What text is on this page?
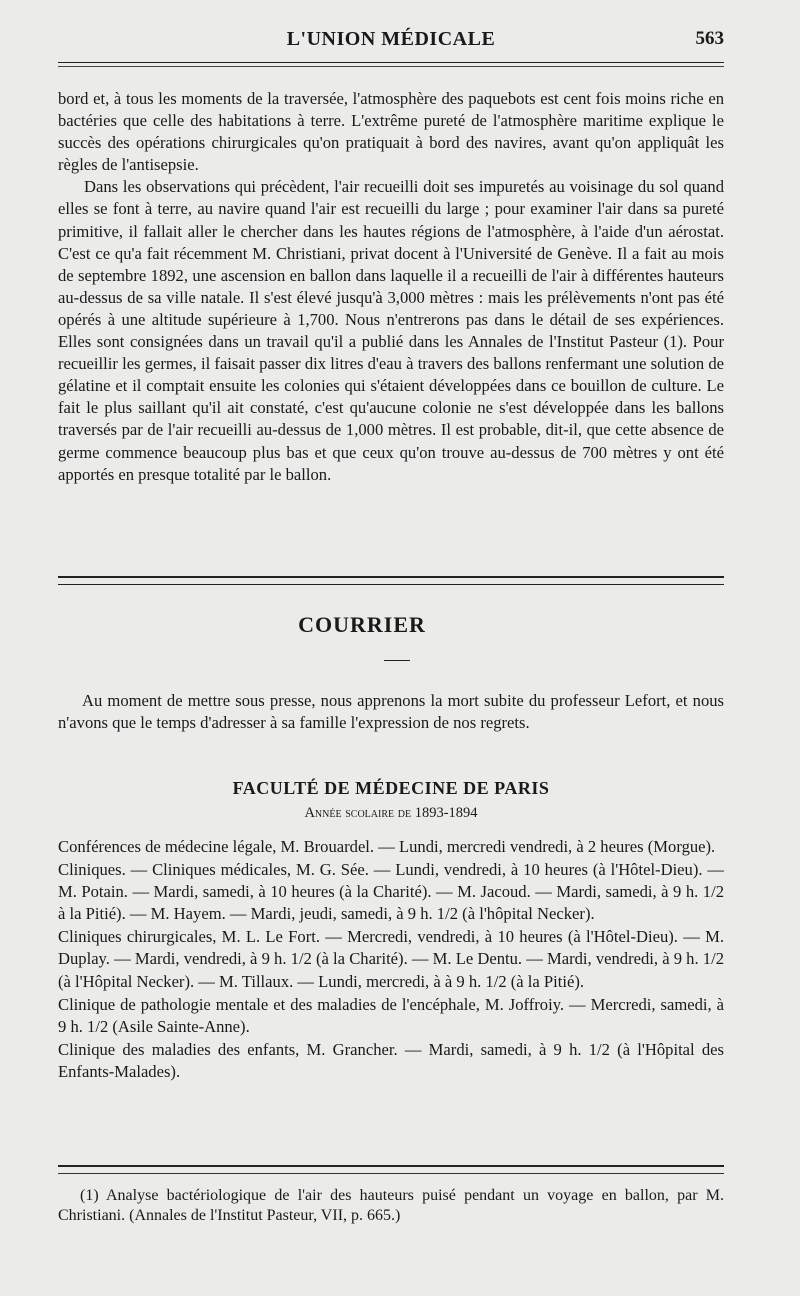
L'UNION MÉDICALE	563

bord et, à tous les moments de la traversée, l'atmosphère des paquebots est cent fois moins riche en bactéries que celle des habitations à terre. L'extrême pureté de l'atmosphère maritime explique le succès des opérations chirurgicales qu'on pratiquait à bord des navires, avant qu'on appliquât les règles de l'antisepsie.

Dans les observations qui précèdent, l'air recueilli doit ses impuretés au voisinage du sol quand elles se font à terre, au navire quand l'air est recueilli du large ; pour examiner l'air dans sa pureté primitive, il fallait aller le chercher dans les hautes régions de l'atmosphère, à l'aide d'un aérostat. C'est ce qu'a fait récemment M. Christiani, privat docent à l'Université de Genève. Il a fait au mois de septembre 1892, une ascension en ballon dans laquelle il a recueilli de l'air à différentes hauteurs au-dessus de sa ville natale. Il s'est élevé jusqu'à 3,000 mètres : mais les prélèvements n'ont pas été opérés à une altitude supérieure à 1,700. Nous n'entrerons pas dans le détail de ses expériences. Elles sont consignées dans un travail qu'il a publié dans les Annales de l'Institut Pasteur (1). Pour recueillir les germes, il faisait passer dix litres d'eau à travers des ballons renfermant une solution de gélatine et il comptait ensuite les colonies qui s'étaient développées dans ce bouillon de culture. Le fait le plus saillant qu'il ait constaté, c'est qu'aucune colonie ne s'est développée dans les ballons traversés par de l'air recueilli au-dessus de 1,000 mètres. Il est probable, dit-il, que cette absence de germe commence beaucoup plus bas et que ceux qu'on trouve au-dessus de 700 mètres y ont été apportés en presque totalité par le ballon.

COURRIER

Au moment de mettre sous presse, nous apprenons la mort subite du professeur Lefort, et nous n'avons que le temps d'adresser à sa famille l'expression de nos regrets.

FACULTÉ DE MÉDECINE DE PARIS
Année scolaire de 1893-1894

Conférences de médecine légale, M. Brouardel. — Lundi, mercredi vendredi, à 2 heures (Morgue).

Cliniques. — Cliniques médicales, M. G. Sée. — Lundi, vendredi, à 10 heures (à l'Hôtel-Dieu). — M. Potain. — Mardi, samedi, à 10 heures (à la Charité). — M. Jacoud. — Mardi, samedi, à 9 h. 1/2 à la Pitié). — M. Hayem. — Mardi, jeudi, samedi, à 9 h. 1/2 (à l'hôpital Necker).

Cliniques chirurgicales, M. L. Le Fort. — Mercredi, vendredi, à 10 heures (à l'Hôtel-Dieu). — M. Duplay. — Mardi, vendredi, à 9 h. 1/2 (à la Charité). — M. Le Dentu. — Mardi, vendredi, à 9 h. 1/2 (à l'Hôpital Necker). — M. Tillaux. — Lundi, mercredi, à à 9 h. 1/2 (à la Pitié).

Clinique de pathologie mentale et des maladies de l'encéphale, M. Joffroiy. — Mercredi, samedi, à 9 h. 1/2 (Asile Sainte-Anne).

Clinique des maladies des enfants, M. Grancher. — Mardi, samedi, à 9 h. 1/2 (à l'Hôpital des Enfants-Malades).

(1) Analyse bactériologique de l'air des hauteurs puisé pendant un voyage en ballon, par M. Christiani. (Annales de l'Institut Pasteur, VII, p. 665.)
